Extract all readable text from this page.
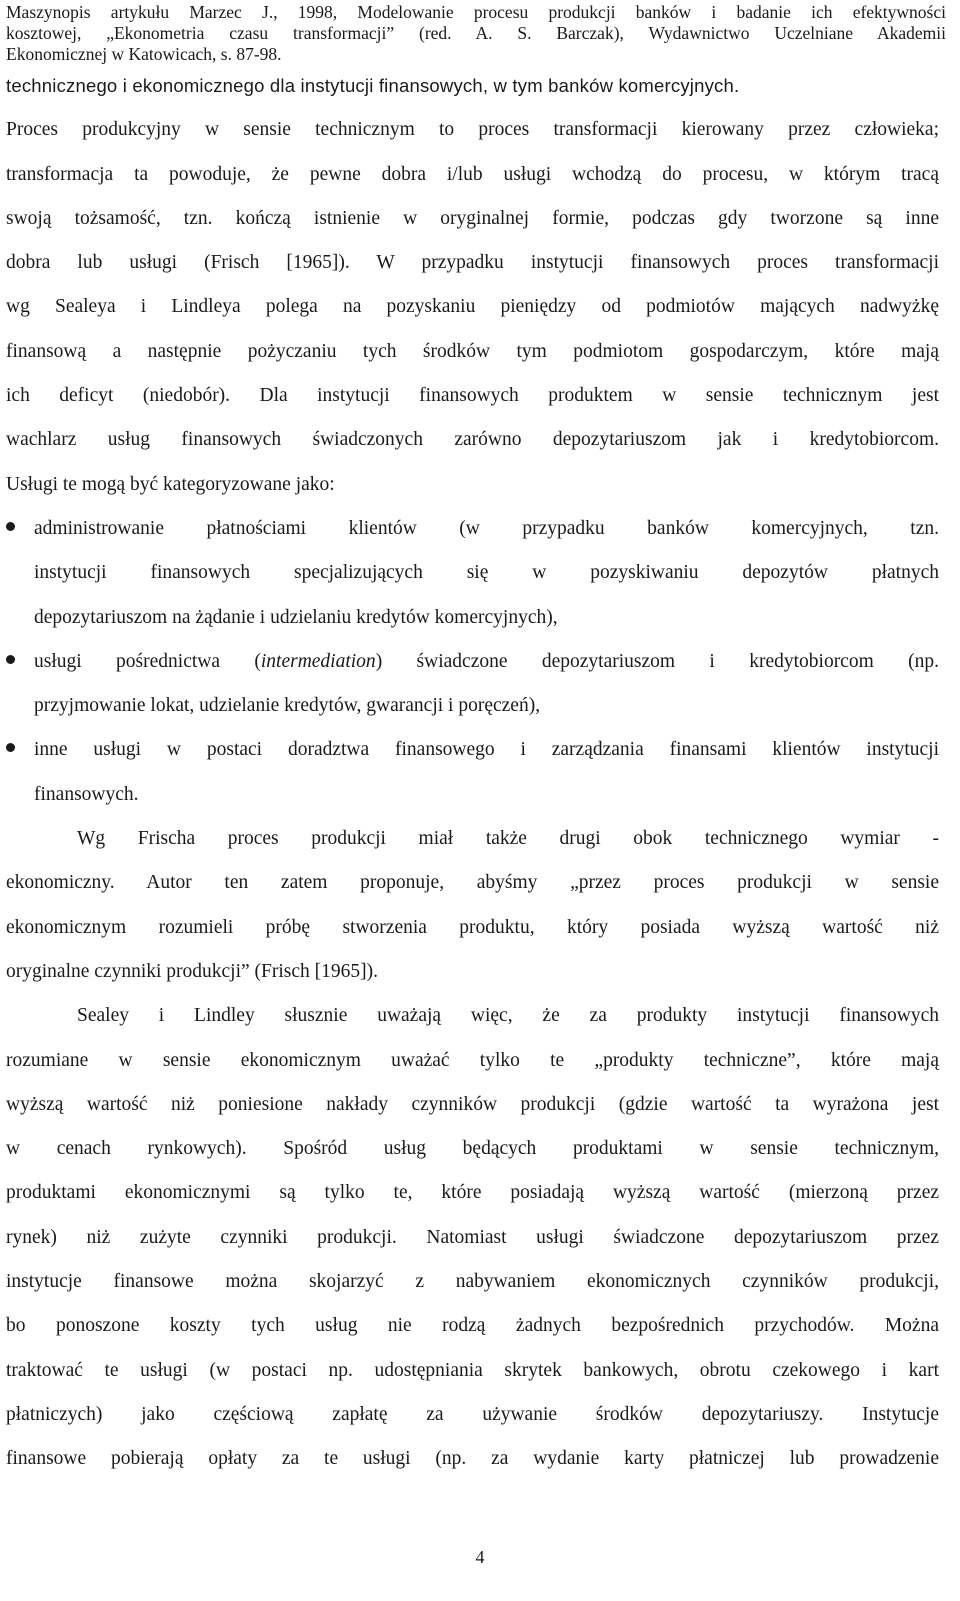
Maszynopis artykułu Marzec J., 1998, Modelowanie procesu produkcji banków i badanie ich efektywności
kosztowej, „Ekonometria czasu transformacji” (red. A. S. Barczak), Wydawnictwo Uczelniane Akademii
Ekonomicznej w Katowicach, s. 87-98.
technicznego i ekonomicznego dla instytucji finansowych, w tym banków komercyjnych.
Proces produkcyjny w sensie technicznym to proces transformacji kierowany przez człowieka;
transformacja ta powoduje, że pewne dobra i/lub usługi wchodzą do procesu, w którym tracą
swoją tożsamość, tzn. kończą istnienie w oryginalnej formie, podczas gdy tworzone są inne
dobra lub usługi (Frisch [1965]). W przypadku instytucji finansowych proces transformacji
wg Sealeya i Lindleya polega na pozyskaniu pieniędzy od podmiotów mających nadwyżkę
finansową a następnie pożyczaniu tych środków tym podmiotom gospodarczym, które mają
ich deficyt (niedobór). Dla instytucji finansowych produktem w sensie technicznym jest
wachlarz usług finansowych świadczonych zarówno depozytariuszom jak i kredytobiorcom.
Usługi te mogą być kategoryzowane jako:
administrowanie płatnościami klientów (w przypadku banków komercyjnych, tzn.
instytucji finansowych specjalizujących się w pozyskiwaniu depozytów płatnych
depozytariuszom na żądanie i udzielaniu kredytów komercyjnych),
usługi pośrednictwa (intermediation) świadczone depozytariuszom i kredytobiorcom (np.
przyjmowanie lokat, udzielanie kredytów, gwarancji i poręczeń),
inne usługi w postaci doradztwa finansowego i zarządzania finansami klientów instytucji
finansowych.
Wg Frischa proces produkcji miał także drugi obok technicznego wymiar -
ekonomiczny. Autor ten zatem proponuje, abyśmy „przez proces produkcji w sensie
ekonomicznym rozumieli próbę stworzenia produktu, który posiada wyższą wartość niż
oryginalne czynniki produkcji” (Frisch [1965]).
Sealey i Lindley słusznie uważają więc, że za produkty instytucji finansowych
rozumiane w sensie ekonomicznym uważać tylko te „produkty techniczne”, które mają
wyższą wartość niż poniesione nakłady czynników produkcji (gdzie wartość ta wyrażona jest
w cenach rynkowych). Spośród usług będących produktami w sensie technicznym,
produktami ekonomicznymi są tylko te, które posiadają wyższą wartość (mierzoną przez
rynek) niż zużyte czynniki produkcji. Natomiast usługi świadczone depozytariuszom przez
instytucje finansowe można skojarzyć z nabywaniem ekonomicznych czynników produkcji,
bo ponoszone koszty tych usług nie rodzą żadnych bezpośrednich przychodów. Można
traktować te usługi (w postaci np. udostępniania skrytek bankowych, obrotu czekowego i kart
płatniczych) jako częściową zapłatę za używanie środków depozytariuszy. Instytucje
finansowe pobierają opłaty za te usługi (np. za wydanie karty płatniczej lub prowadzenie
4
